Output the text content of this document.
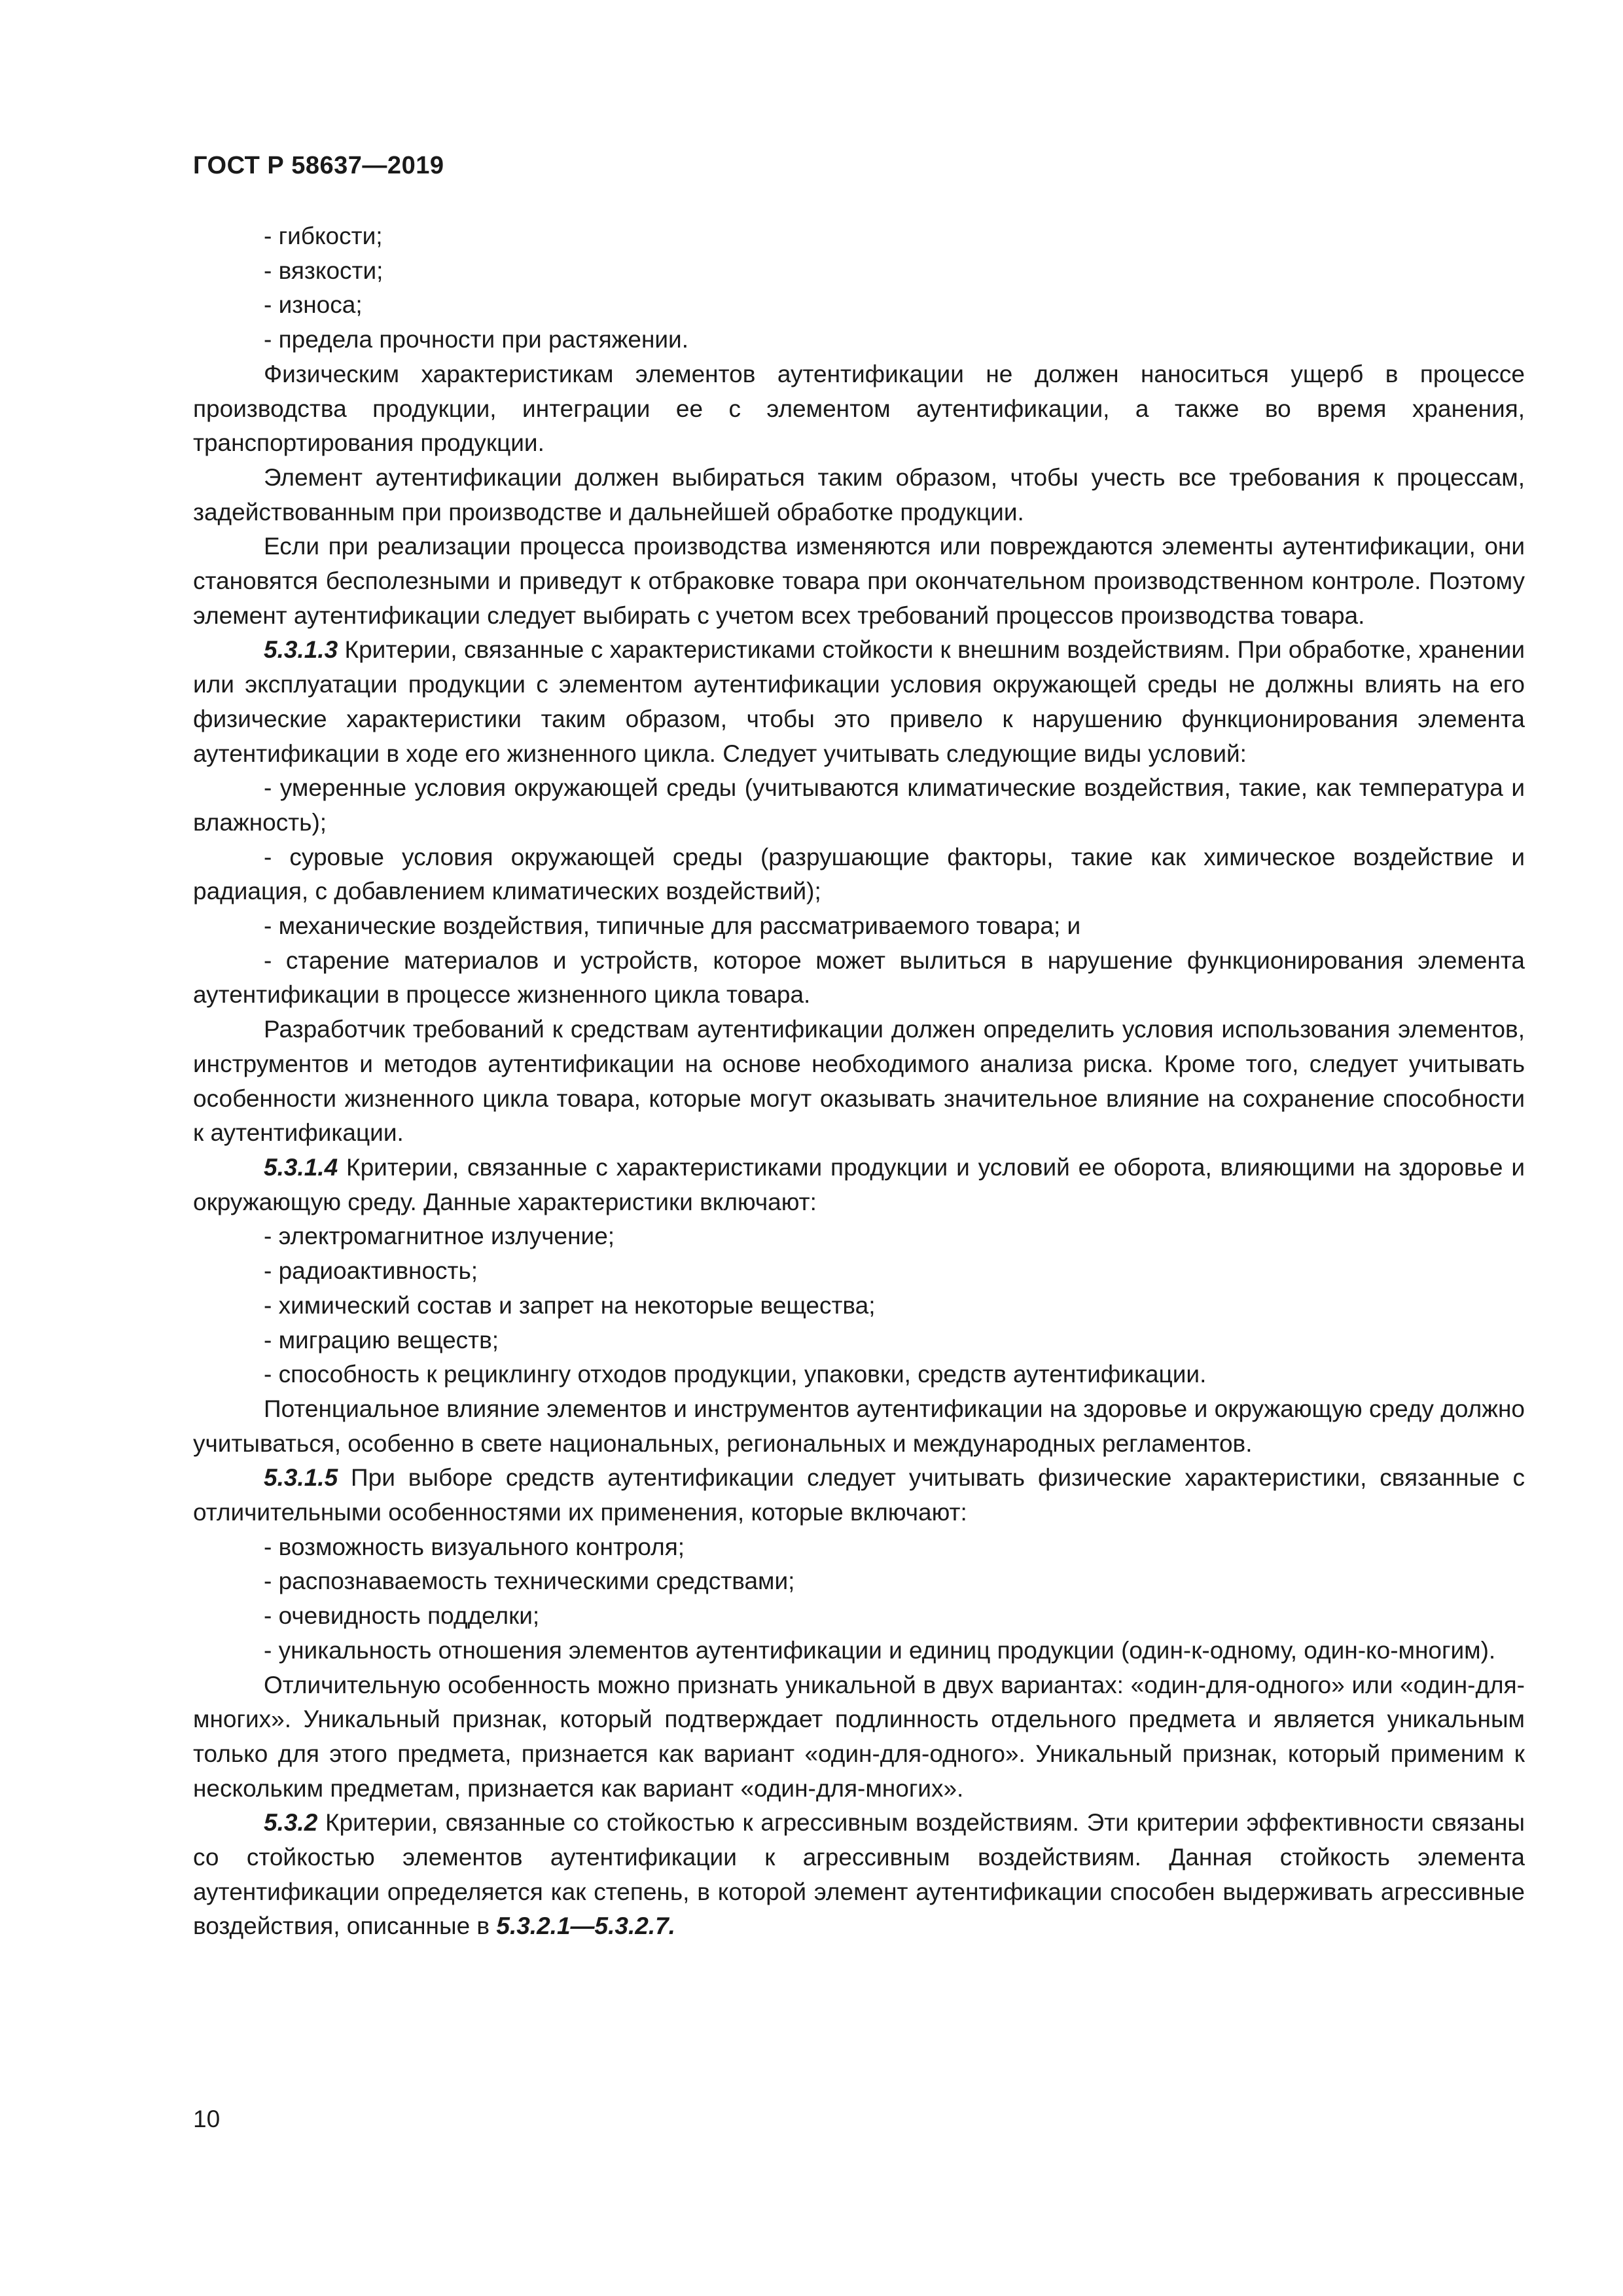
ГОСТ Р 58637—2019

- гибкости;

- вязкости;

- износа;

- предела прочности при растяжении.

Физическим характеристикам элементов аутентификации не должен наноситься ущерб в процессе производства продукции, интеграции ее с элементом аутентификации, а также во время хранения, транспортирования продукции.

Элемент аутентификации должен выбираться таким образом, чтобы учесть все требования к процессам, задействованным при производстве и дальнейшей обработке продукции.

Если при реализации процесса производства изменяются или повреждаются элементы аутентификации, они становятся бесполезными и приведут к отбраковке товара при окончательном производственном контроле. Поэтому элемент аутентификации следует выбирать с учетом всех требований процессов производства товара.

5.3.1.3 Критерии, связанные с характеристиками стойкости к внешним воздействиям. При обработке, хранении или эксплуатации продукции с элементом аутентификации условия окружающей среды не должны влиять на его физические характеристики таким образом, чтобы это привело к нарушению функционирования элемента аутентификации в ходе его жизненного цикла. Следует учитывать следующие виды условий:

- умеренные условия окружающей среды (учитываются климатические воздействия, такие, как температура и влажность);

- суровые условия окружающей среды (разрушающие факторы, такие как химическое воздействие и радиация, с добавлением климатических воздействий);

- механические воздействия, типичные для рассматриваемого товара; и

- старение материалов и устройств, которое может вылиться в нарушение функционирования элемента аутентификации в процессе жизненного цикла товара.

Разработчик требований к средствам аутентификации должен определить условия использования элементов, инструментов и методов аутентификации на основе необходимого анализа риска. Кроме того, следует учитывать особенности жизненного цикла товара, которые могут оказывать значительное влияние на сохранение способности к аутентификации.

5.3.1.4 Критерии, связанные с характеристиками продукции и условий ее оборота, влияющими на здоровье и окружающую среду. Данные характеристики включают:

- электромагнитное излучение;

- радиоактивность;

- химический состав и запрет на некоторые вещества;

- миграцию веществ;

- способность к рециклингу отходов продукции, упаковки, средств аутентификации.

Потенциальное влияние элементов и инструментов аутентификации на здоровье и окружающую среду должно учитываться, особенно в свете национальных, региональных и международных регламентов.

5.3.1.5 При выборе средств аутентификации следует учитывать физические характеристики, связанные с отличительными особенностями их применения, которые включают:

- возможность визуального контроля;

- распознаваемость техническими средствами;

- очевидность подделки;

- уникальность отношения элементов аутентификации и единиц продукции (один-к-одному, один-ко-многим).

Отличительную особенность можно признать уникальной в двух вариантах: «один-для-одного» или «один-для-многих». Уникальный признак, который подтверждает подлинность отдельного предмета и является уникальным только для этого предмета, признается как вариант «один-для-одного». Уникальный признак, который применим к нескольким предметам, признается как вариант «один-для-многих».

5.3.2 Критерии, связанные со стойкостью к агрессивным воздействиям. Эти критерии эффективности связаны со стойкостью элементов аутентификации к агрессивным воздействиям. Данная стойкость элемента аутентификации определяется как степень, в которой элемент аутентификации способен выдерживать агрессивные воздействия, описанные в 5.3.2.1—5.3.2.7.

10
